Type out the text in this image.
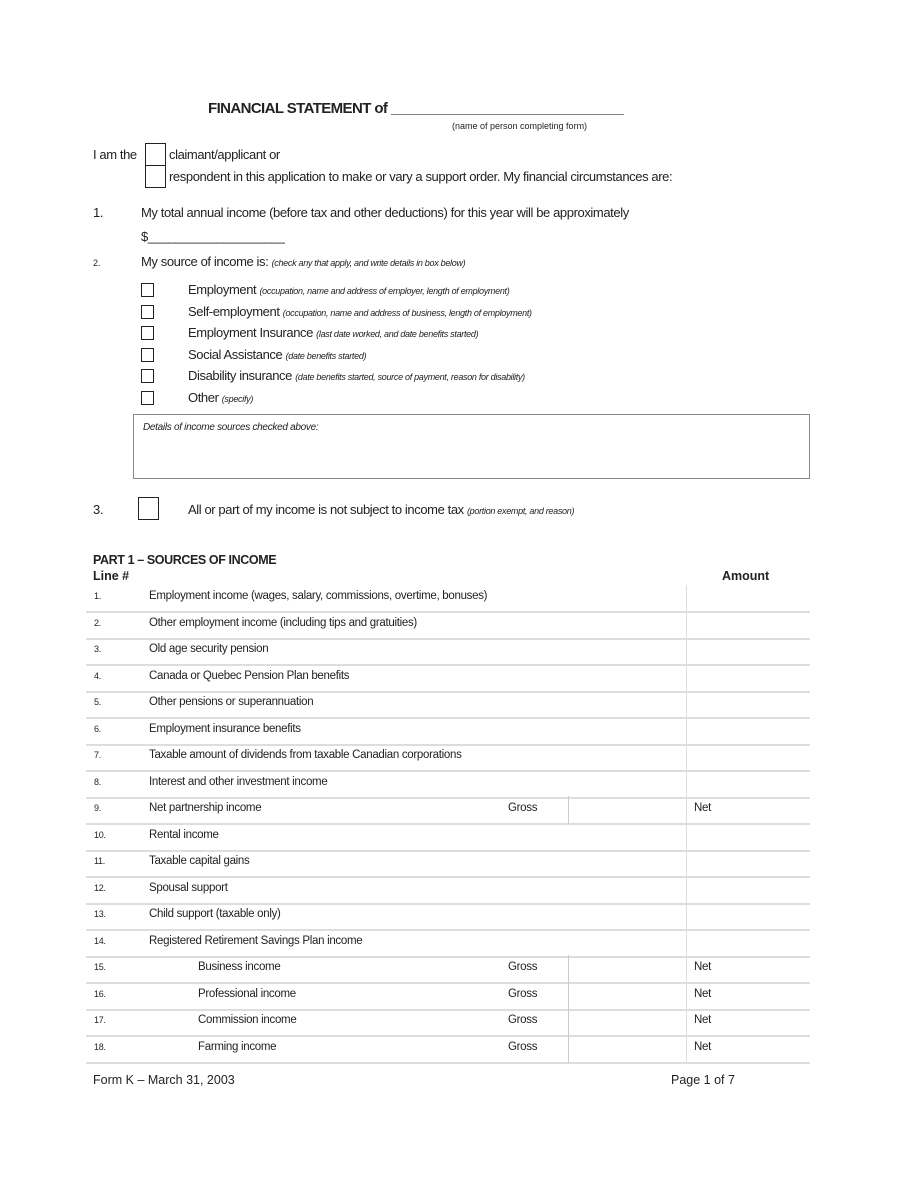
FINANCIAL STATEMENT of ______________________________
(name of person completing form)
I am the claimant/applicant or
respondent in this application to make or vary a support order. My financial circumstances are:
1.	My total annual income (before tax and other deductions) for this year will be approximately
$____________________
2.	My source of income is: (check any that apply, and write details in box below)
Employment (occupation, name and address of employer, length of employment)
Self-employment (occupation, name and address of business, length of employment)
Employment Insurance (last date worked, and date benefits started)
Social Assistance (date benefits started)
Disability insurance (date benefits started, source of payment, reason for disability)
Other (specify)
Details of income sources checked above:
3.	All or part of my income is not subject to income tax (portion exempt, and reason)
PART 1 – SOURCES OF INCOME
Line #	Amount
1.	Employment income (wages, salary, commissions, overtime, bonuses)
2.	Other employment income (including tips and gratuities)
3.	Old age security pension
4.	Canada or Quebec Pension Plan benefits
5.	Other pensions or superannuation
6.	Employment insurance benefits
7.	Taxable amount of dividends from taxable Canadian corporations
8.	Interest and other investment income
9.	Net partnership income	Gross	Net
10.	Rental income
11.	Taxable capital gains
12.	Spousal support
13.	Child support (taxable only)
14.	Registered Retirement Savings Plan income
15.	Business income	Gross	Net
16.	Professional income	Gross	Net
17.	Commission income	Gross	Net
18.	Farming income	Gross	Net
Form K – March 31, 2003	Page 1 of 7
